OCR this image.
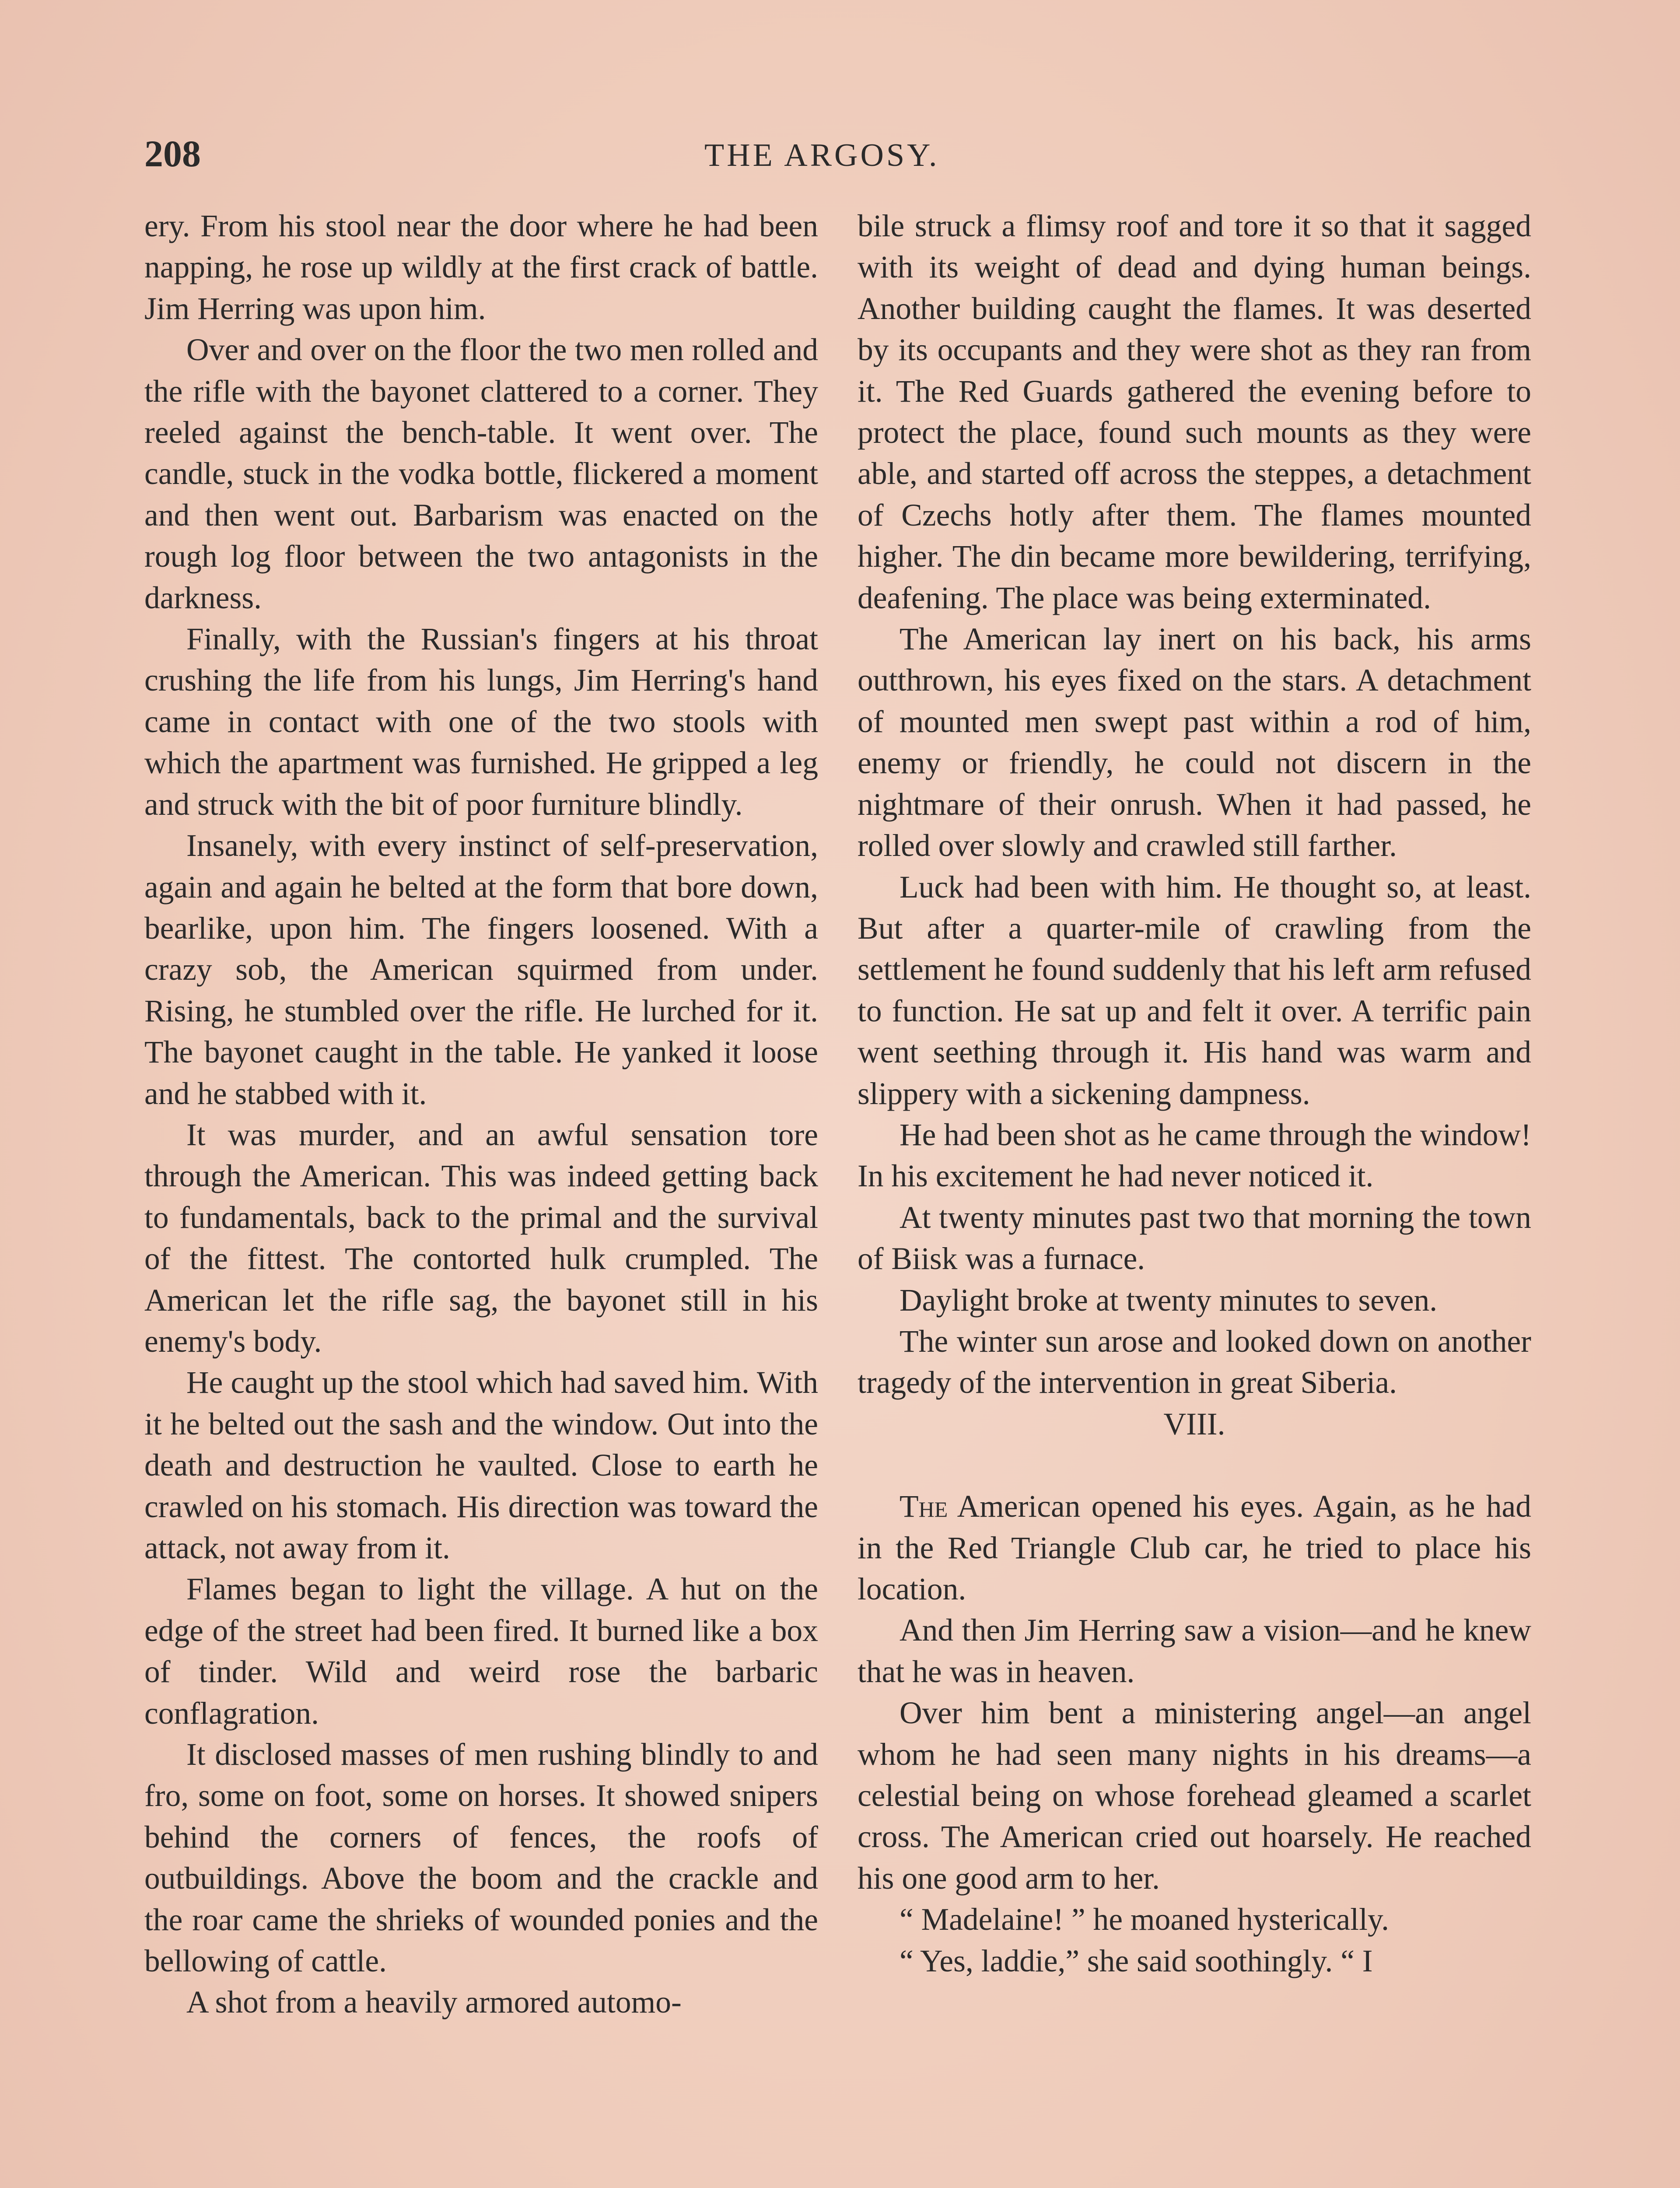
208	THE ARGOSY.

ery. From his stool near the door where he had been napping, he rose up wildly at the first crack of battle. Jim Herring was upon him.

Over and over on the floor the two men rolled and the rifle with the bayonet clattered to a corner. They reeled against the bench-table. It went over. The candle, stuck in the vodka bottle, flickered a moment and then went out. Barbarism was enacted on the rough log floor between the two antagonists in the darkness.

Finally, with the Russian's fingers at his throat crushing the life from his lungs, Jim Herring's hand came in contact with one of the two stools with which the apartment was furnished. He gripped a leg and struck with the bit of poor furniture blindly.

Insanely, with every instinct of self-preservation, again and again he belted at the form that bore down, bearlike, upon him. The fingers loosened. With a crazy sob, the American squirmed from under. Rising, he stumbled over the rifle. He lurched for it. The bayonet caught in the table. He yanked it loose and he stabbed with it.

It was murder, and an awful sensation tore through the American. This was indeed getting back to fundamentals, back to the primal and the survival of the fittest. The contorted hulk crumpled. The American let the rifle sag, the bayonet still in his enemy's body.

He caught up the stool which had saved him. With it he belted out the sash and the window. Out into the death and destruction he vaulted. Close to earth he crawled on his stomach. His direction was toward the attack, not away from it.

Flames began to light the village. A hut on the edge of the street had been fired. It burned like a box of tinder. Wild and weird rose the barbaric conflagration.

It disclosed masses of men rushing blindly to and fro, some on foot, some on horses. It showed snipers behind the corners of fences, the roofs of outbuildings. Above the boom and the crackle and the roar came the shrieks of wounded ponies and the bellowing of cattle.

A shot from a heavily armored automo-

bile struck a flimsy roof and tore it so that it sagged with its weight of dead and dying human beings. Another building caught the flames. It was deserted by its occupants and they were shot as they ran from it. The Red Guards gathered the evening before to protect the place, found such mounts as they were able, and started off across the steppes, a detachment of Czechs hotly after them. The flames mounted higher. The din became more bewildering, terrifying, deafening. The place was being exterminated.

The American lay inert on his back, his arms outthrown, his eyes fixed on the stars. A detachment of mounted men swept past within a rod of him, enemy or friendly, he could not discern in the nightmare of their onrush. When it had passed, he rolled over slowly and crawled still farther.

Luck had been with him. He thought so, at least. But after a quarter-mile of crawling from the settlement he found suddenly that his left arm refused to function. He sat up and felt it over. A terrific pain went seething through it. His hand was warm and slippery with a sickening dampness.

He had been shot as he came through the window! In his excitement he had never noticed it.

At twenty minutes past two that morning the town of Biisk was a furnace.

Daylight broke at twenty minutes to seven.

The winter sun arose and looked down on another tragedy of the intervention in great Siberia.

VIII.

The American opened his eyes. Again, as he had in the Red Triangle Club car, he tried to place his location.

And then Jim Herring saw a vision—and he knew that he was in heaven.

Over him bent a ministering angel—an angel whom he had seen many nights in his dreams—a celestial being on whose forehead gleamed a scarlet cross. The American cried out hoarsely. He reached his one good arm to her.

“ Madelaine! ” he moaned hysterically.

“ Yes, laddie,” she said soothingly. “ I
